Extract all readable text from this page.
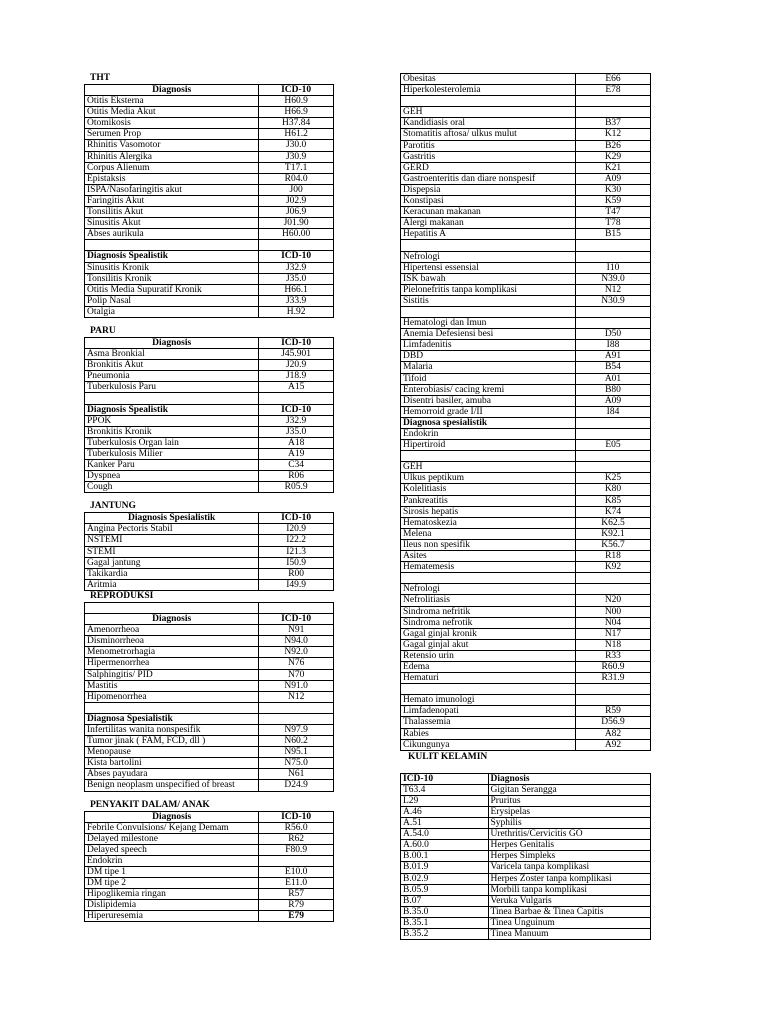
THT
Diagnosis	ICD-10
Otitis Eksterna	H60.9
Otitis Media Akut	H66.9
Otomikosis	H37.84
Serumen Prop	H61.2
Rhinitis Vasomotor	J30.0
Rhinitis Alergika	J30.9
Corpus Alienum	T17.1
Epistaksis	R04.0
ISPA/Nasofaringitis akut	J00
Faringitis Akut	J02.9
Tonsilitis Akut	J06.9
Sinusitis Akut	J01.90
Abses aurikula	H60.00

Diagnosis Spealistik	ICD-10
Sinusitis Kronik	J32.9
Tonsilitis Kronik	J35.0
Otitis Media Supuratif Kronik	H66.1
Polip Nasal	J33.9
Otalgia	H.92
PARU
Diagnosis	ICD-10
Asma Bronkial	J45.901
Bronkitis Akut	J20.9
Pneumonia	J18.9
Tuberkulosis Paru	A15

Diagnosis Spealistik	ICD-10
PPOK	J32.9
Bronkitis Kronik	J35.0
Tuberkulosis Organ lain	A18
Tuberkulosis Milier	A19
Kanker Paru	C34
Dyspnea	R06
Cough	R05.9
JANTUNG
Diagnosis Spesialistik	ICD-10
Angina Pectoris Stabil	I20.9
NSTEMI	I22.2
STEMI	I21.3
Gagal jantung	I50.9
Takikardia	R00
Aritmia	I49.9
REPRODUKSI

Diagnosis	ICD-10
Amenorrheoa	N91
Disminorrheoa	N94.0
Menometrorhagia	N92.0
Hipermenorrhea	N76
Salphingitis/ PID	N70
Mastitis	N91.0
Hipomenorrhea	N12

Diagnosa Spesialistik	
Infertilitas wanita nonspesifik	N97.9
Tumor jinak ( FAM, FCD, dll )	N60.2
Menopause	N95.1
Kista bartolini	N75.0
Abses payudara	N61
Benign neoplasm unspecified of breast	D24.9
PENYAKIT DALAM/ ANAK
Diagnosis	ICD-10
Febrile Convulsions/ Kejang Demam	R56.0
Delayed milestone	R62
Delayed speech	F80.9
Endokrin	
DM tipe 1	E10.0
DM tipe 2	E11.0
Hipoglikemia ringan	R57
Dislipidemia	R79
Hiperuresemia	E79
Obesitas	E66
Hiperkolesterolemia	E78

GEH	
Kandidiasis oral	B37
Stomatitis aftosa/ ulkus mulut	K12
Parotitis	B26
Gastritis	K29
GERD	K21
Gastroenteritis dan diare nonspesif	A09
Dispepsia	K30
Konstipasi	K59
Keracunan makanan	T47
Alergi makanan	T78
Hepatitis A	B15

Nefrologi	
Hipertensi essensial	I10
ISK bawah	N39.0
Pielonefritis tanpa komplikasi	N12
Sistitis	N30.9

Hematologi dan Imun	
Anemia Defesiensi besi	D50
Limfadenitis	I88
DBD	A91
Malaria	B54
Tifoid	A01
Enterobiasis/ cacing kremi	B80
Disentri basiler, amuba	A09
Hemorroid grade I/II	I84
Diagnosa spesialistik	
Endokrin	
Hipertiroid	E05

GEH	
Ulkus peptikum	K25
Kolelitiasis	K80
Pankreatitis	K85
Sirosis hepatis	K74
Hematoskezia	K62.5
Melena	K92.1
Ileus non spesifik	K56.7
Asites	R18
Hematemesis	K92

Nefrologi	
Nefrolitiasis	N20
Sindroma nefritik	N00
Sindroma nefrotik	N04
Gagal ginjal kronik	N17
Gagal ginjal akut	N18
Retensio urin	R33
Edema	R60.9
Hematuri	R31.9

Hemato imunologi	
Limfadenopati	R59
Thalassemia	D56.9
Rabies	A82
Cikungunya	A92
KULIT KELAMIN
ICD-10	Diagnosis
T63.4	Gigitan Serangga
L29	Pruritus
A.46	Erysipelas
A.51	Syphilis
A.54.0	Urethritis/Cervicitis GO
A.60.0	Herpes Genitalis
B.00.1	Herpes Simpleks
B.01.9	Varicela tanpa komplikasi
B.02.9	Herpes Zoster tanpa komplikasi
B.05.9	Morbili tanpa komplikasi
B.07	Veruka Vulgaris
B.35.0	Tinea Barbae & Tinea Capitis
B.35.1	Tinea Unguinum
B.35.2	Tinea Manuum
